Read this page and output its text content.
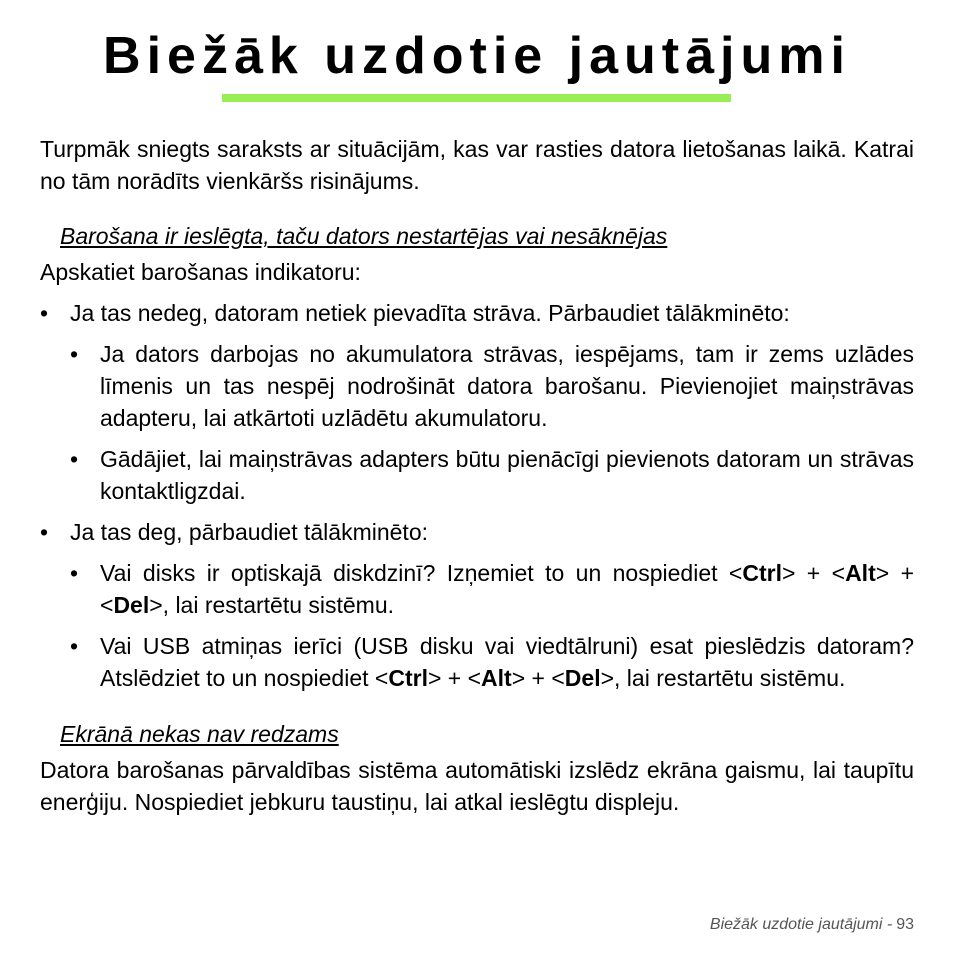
Biežāk uzdotie jautājumi

Turpmāk sniegts saraksts ar situācijām, kas var rasties datora lietošanas laikā. Katrai no tām norādīts vienkāršs risinājums.

Barošana ir ieslēgta, taču dators nestartējas vai nesāknējas

Apskatiet barošanas indikatoru:

• Ja tas nedeg, datoram netiek pievadīta strāva. Pārbaudiet tālākminēto:

• Ja dators darbojas no akumulatora strāvas, iespējams, tam ir zems uzlādes līmenis un tas nespēj nodrošināt datora barošanu. Pievienojiet maiņstrāvas adapteru, lai atkārtoti uzlādētu akumulatoru.

• Gādājiet, lai maiņstrāvas adapters būtu pienācīgi pievienots datoram un strāvas kontaktligzdai.

• Ja tas deg, pārbaudiet tālākminēto:

• Vai disks ir optiskajā diskdzinī? Izņemiet to un nospiediet <Ctrl> + <Alt> + <Del>, lai restartētu sistēmu.

• Vai USB atmiņas ierīci (USB disku vai viedtālruni) esat pieslēdzis datoram? Atslēdziet to un nospiediet <Ctrl> + <Alt> + <Del>, lai restartētu sistēmu.

Ekrānā nekas nav redzams

Datora barošanas pārvaldības sistēma automātiski izslēdz ekrāna gaismu, lai taupītu enerģiju. Nospiediet jebkuru taustiņu, lai atkal ieslēgtu displeju.

Biežāk uzdotie jautājumi - 93
